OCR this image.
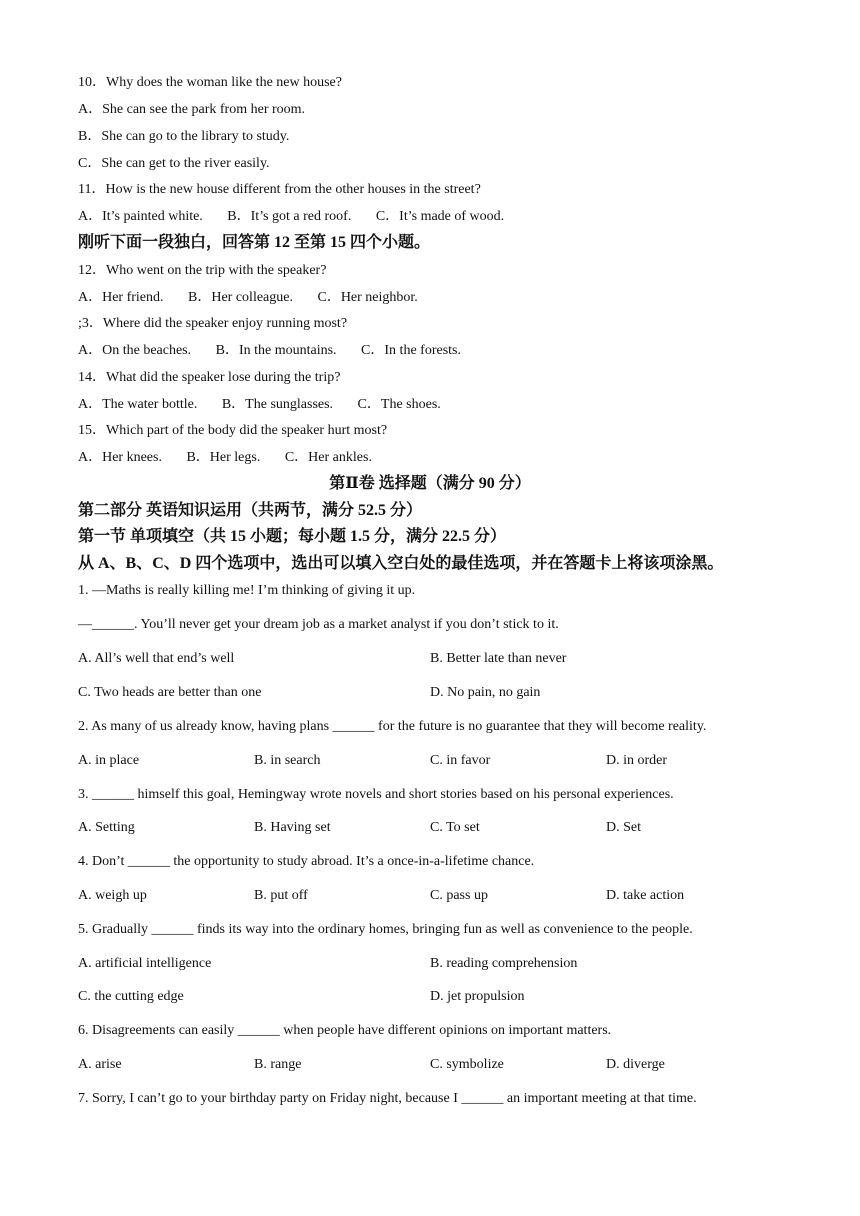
10．Why does the woman like the new house?
A．She can see the park from her room.
B．She can go to the library to study.
C．She can get to the river easily.
11．How is the new house different from the other houses in the street?
A．It’s painted white.       B．It’s got a red roof.       C．It’s made of wood.
刚听下面一段独白，回答第 12 至第 15 四个小题。
12．Who went on the trip with the speaker?
A．Her friend.       B．Her colleague.       C．Her neighbor.
;3．Where did the speaker enjoy running most?
A．On the beaches.       B．In the mountains.       C．In the forests.
14．What did the speaker lose during the trip?
A．The water bottle.       B．The sunglasses.       C．The shoes.
15．Which part of the body did the speaker hurt most?
A．Her knees.       B．Her legs.       C．Her ankles.
第Ⅱ卷 选择题（满分 90 分）
第二部分 英语知识运用（共两节，满分 52.5 分）
第一节 单项填空（共 15 小题；每小题 1.5 分，满分 22.5 分）
从 A、B、C、D 四个选项中，选出可以填入空白处的最佳选项，并在答题卡上将该项涂黑。
1. —Maths is really killing me! I’m thinking of giving it up.
—______. You’ll never get your dream job as a market analyst if you don’t stick to it.
A. All’s well that end’s well	B. Better late than never
C. Two heads are better than one	D. No pain, no gain
2. As many of us already know, having plans ______ for the future is no guarantee that they will become reality.
A. in place	B. in search	C. in favor	D. in order
3. ______ himself this goal, Hemingway wrote novels and short stories based on his personal experiences.
A. Setting	B. Having set	C. To set	D. Set
4. Don’t ______ the opportunity to study abroad. It’s a once-in-a-lifetime chance.
A. weigh up	B. put off	C. pass up	D. take action
5. Gradually ______ finds its way into the ordinary homes, bringing fun as well as convenience to the people.
A. artificial intelligence	B. reading comprehension
C. the cutting edge	D. jet propulsion
6. Disagreements can easily ______ when people have different opinions on important matters.
A. arise	B. range	C. symbolize	D. diverge
7. Sorry, I can’t go to your birthday party on Friday night, because I ______ an important meeting at that time.
